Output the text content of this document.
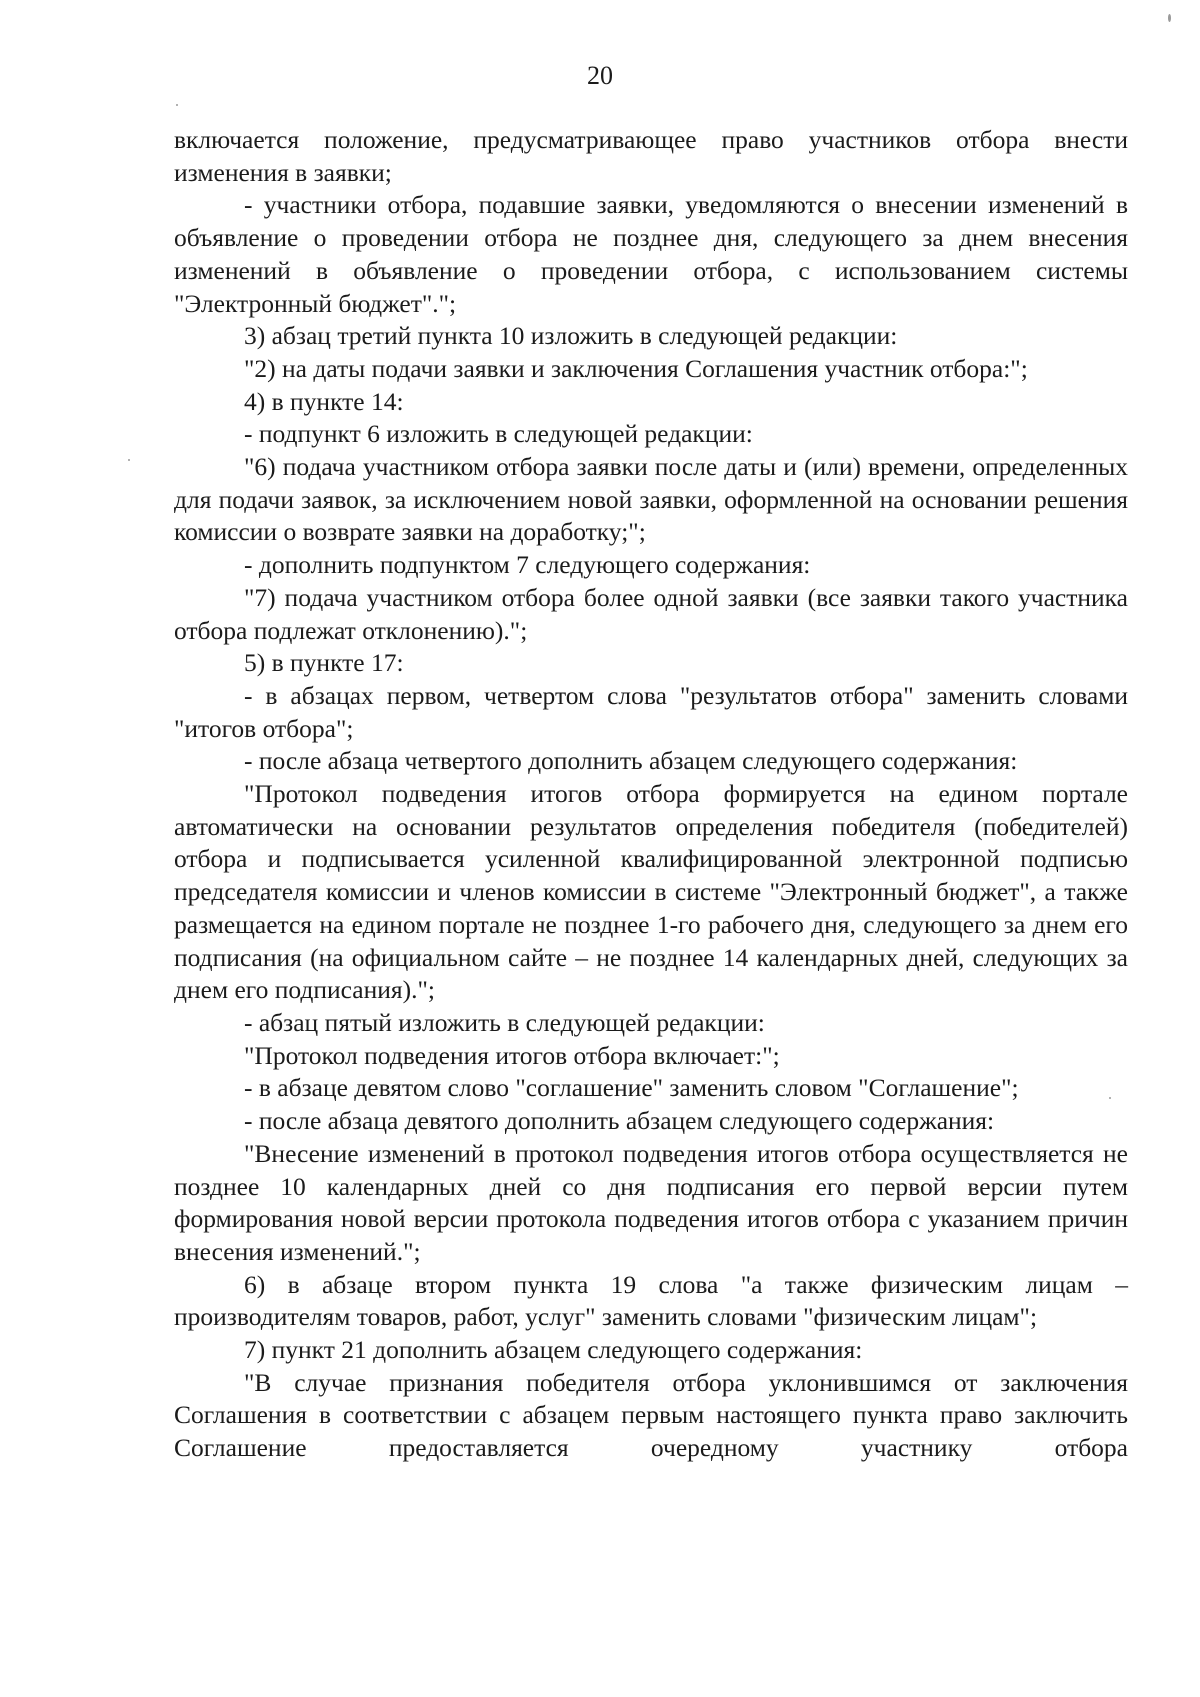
20

включается положение, предусматривающее право участников отбора внести изменения в заявки;

- участники отбора, подавшие заявки, уведомляются о внесении изменений в объявление о проведении отбора не позднее дня, следующего за днем внесения изменений в объявление о проведении отбора, с использованием системы "Электронный бюджет".";

3) абзац третий пункта 10 изложить в следующей редакции:

"2) на даты подачи заявки и заключения Соглашения участник отбора:";

4) в пункте 14:

- подпункт 6 изложить в следующей редакции:

"6) подача участником отбора заявки после даты и (или) времени, определенных для подачи заявок, за исключением новой заявки, оформленной на основании решения комиссии о возврате заявки на доработку;";

- дополнить подпунктом 7 следующего содержания:

"7) подача участником отбора более одной заявки (все заявки такого участника отбора подлежат отклонению).";

5) в пункте 17:

- в абзацах первом, четвертом слова "результатов отбора" заменить словами "итогов отбора";

- после абзаца четвертого дополнить абзацем следующего содержания:

"Протокол подведения итогов отбора формируется на едином портале автоматически на основании результатов определения победителя (победителей) отбора и подписывается усиленной квалифицированной электронной подписью председателя комиссии и членов комиссии в системе "Электронный бюджет", а также размещается на едином портале не позднее 1-го рабочего дня, следующего за днем его подписания (на официальном сайте – не позднее 14 календарных дней, следующих за днем его подписания).";

- абзац пятый изложить в следующей редакции:

"Протокол подведения итогов отбора включает:";

- в абзаце девятом слово "соглашение" заменить словом "Соглашение";

- после абзаца девятого дополнить абзацем следующего содержания:

"Внесение изменений в протокол подведения итогов отбора осуществляется не позднее 10 календарных дней со дня подписания его первой версии путем формирования новой версии протокола подведения итогов отбора с указанием причин внесения изменений.";

6) в абзаце втором пункта 19 слова "а также физическим лицам – производителям товаров, работ, услуг" заменить словами "физическим лицам";

7) пункт 21 дополнить абзацем следующего содержания:

"В случае признания победителя отбора уклонившимся от заключения Соглашения в соответствии с абзацем первым настоящего пункта право заключить Соглашение предоставляется очередному участнику отбора
